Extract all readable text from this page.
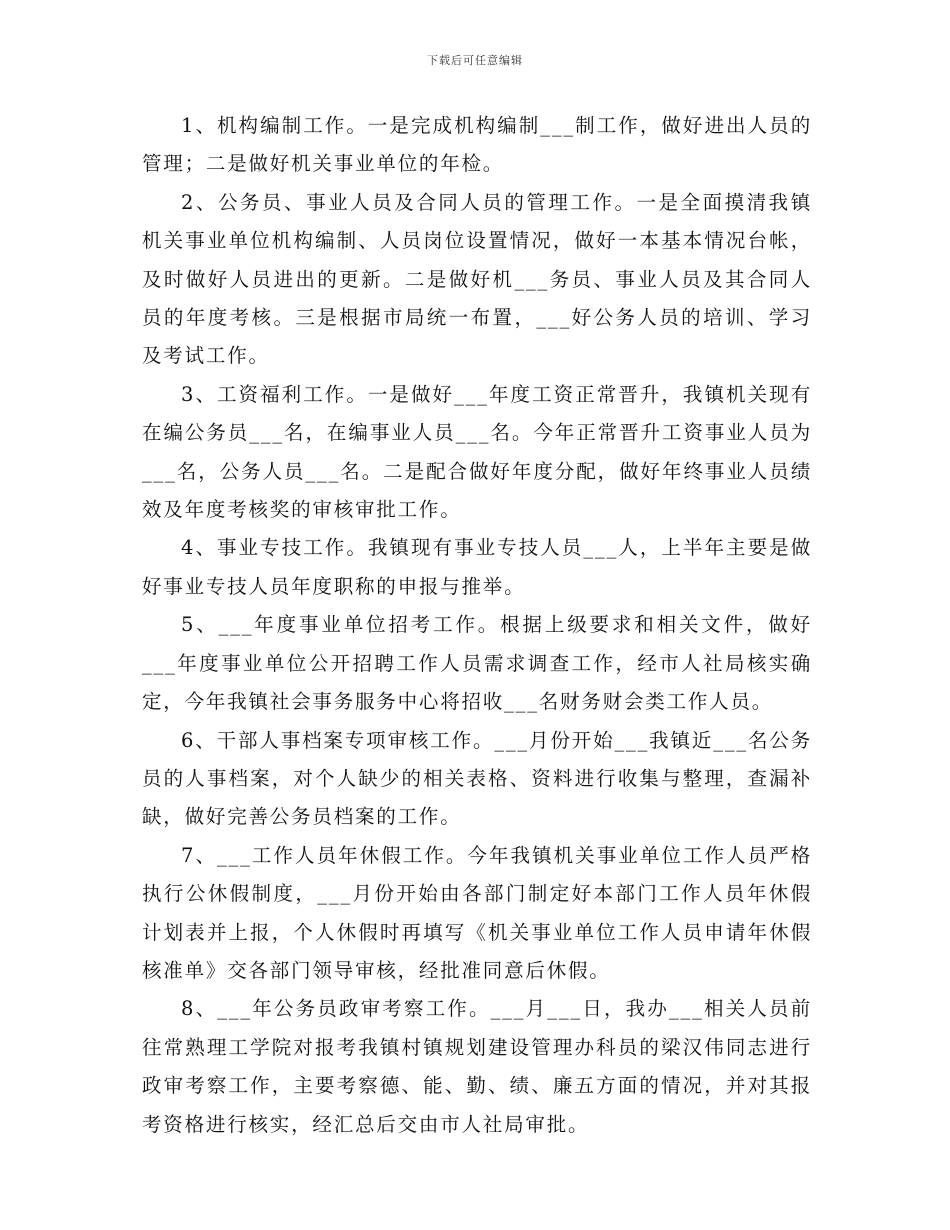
下载后可任意编辑

1、机构编制工作。一是完成机构编制___制工作，做好进出人员的管理；二是做好机关事业单位的年检。

2、公务员、事业人员及合同人员的管理工作。一是全面摸清我镇机关事业单位机构编制、人员岗位设置情况，做好一本基本情况台帐，及时做好人员进出的更新。二是做好机___务员、事业人员及其合同人员的年度考核。三是根据市局统一布置，___好公务人员的培训、学习及考试工作。

3、工资福利工作。一是做好___年度工资正常晋升，我镇机关现有在编公务员___名，在编事业人员___名。今年正常晋升工资事业人员为___名，公务人员___名。二是配合做好年度分配，做好年终事业人员绩效及年度考核奖的审核审批工作。

4、事业专技工作。我镇现有事业专技人员___人，上半年主要是做好事业专技人员年度职称的申报与推举。

5、___年度事业单位招考工作。根据上级要求和相关文件，做好___年度事业单位公开招聘工作人员需求调查工作，经市人社局核实确定，今年我镇社会事务服务中心将招收___名财务财会类工作人员。

6、干部人事档案专项审核工作。___月份开始___我镇近___名公务员的人事档案，对个人缺少的相关表格、资料进行收集与整理，查漏补缺，做好完善公务员档案的工作。

7、___工作人员年休假工作。今年我镇机关事业单位工作人员严格执行公休假制度，___月份开始由各部门制定好本部门工作人员年休假计划表并上报，个人休假时再填写《机关事业单位工作人员申请年休假核准单》交各部门领导审核，经批准同意后休假。

8、___年公务员政审考察工作。___月___日，我办___相关人员前往常熟理工学院对报考我镇村镇规划建设管理办科员的梁汉伟同志进行政审考察工作，主要考察德、能、勤、绩、廉五方面的情况，并对其报考资格进行核实，经汇总后交由市人社局审批。
